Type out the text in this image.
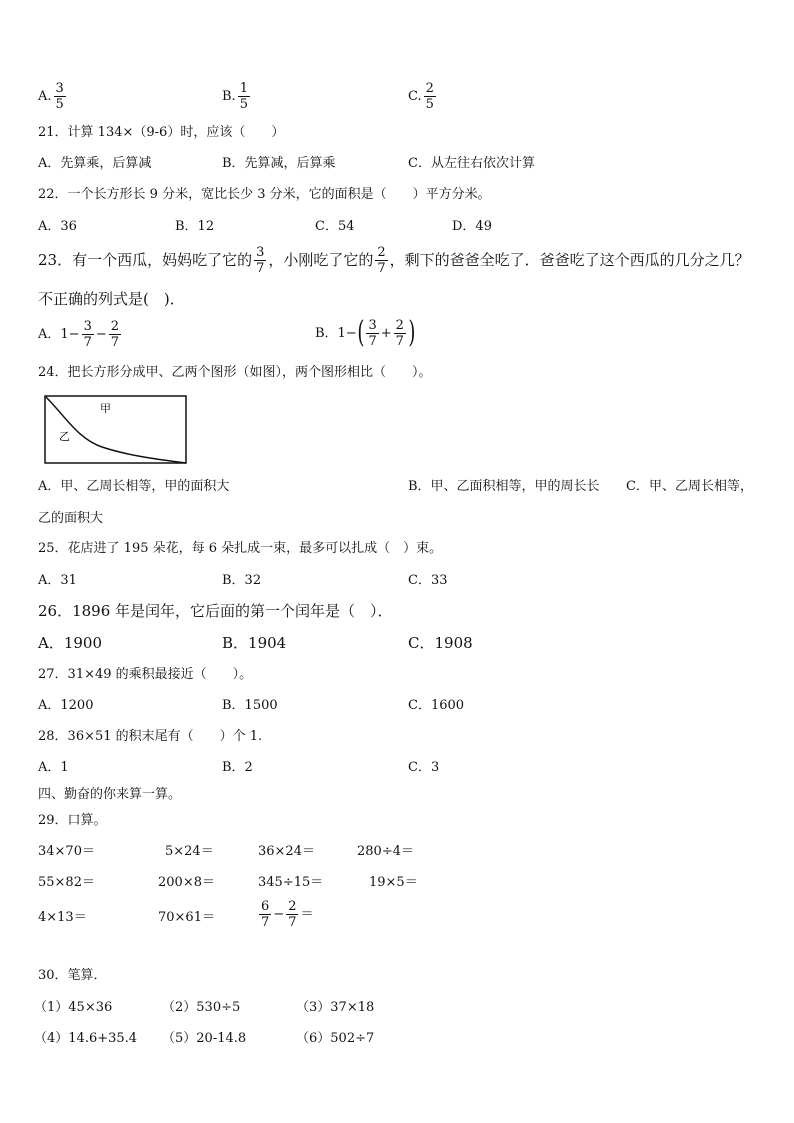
A. $\frac{3}{5}$	B. $\frac{1}{5}$	C. $\frac{2}{5}$
21．计算 134×（9-6）时，应该（　　）
A．先算乘，后算减	B．先算减，后算乘	C．从左往右依次计算
22．一个长方形长 9 分米，宽比长少 3 分米，它的面积是（　　）平方分米。
A．36	B．12	C．54	D．49
23．有一个西瓜，妈妈吃了它的 $\frac{3}{7}$ ，小刚吃了它的 $\frac{2}{7}$ ，剩下的爸爸全吃了．爸爸吃了这个西瓜的几分之几？
不正确的列式是(　)．
A．$1- \frac{3}{7} - \frac{2}{7}$	B．1− ( $\frac{3}{7} + \frac{2}{7}$ )
24．把长方形分成甲、乙两个图形（如图），两个图形相比（　　）。
甲
乙
A．甲、乙周长相等，甲的面积大	B．甲、乙面积相等，甲的周长长 C．甲、乙周长相等，
乙的面积大
25．花店进了 195 朵花，每 6 朵扎成一束，最多可以扎成（　）束。
A．31	B．32	C．33
26．1896 年是闰年，它后面的第一个闰年是（　）．
A．1900	B．1904	C．1908
27．31×49 的乘积最接近（　　）。
A．1200	B．1500	C．1600
28．36×51 的积末尾有（　　）个 1.
A．1	B．2	C．3
四、勤奋的你来算一算。
29．口算。
34×70＝	5×24＝	36×24＝	280÷4＝
55×82＝	200×8＝	345÷15＝	19×5＝
4×13＝	70×61＝	$\frac{6}{7} - \frac{2}{7}$ ＝
30．笔算．
（1）45×36	（2）530÷5	（3）37×18
（4）14.6+35.4 （5）20-14.8	（6）502÷7
